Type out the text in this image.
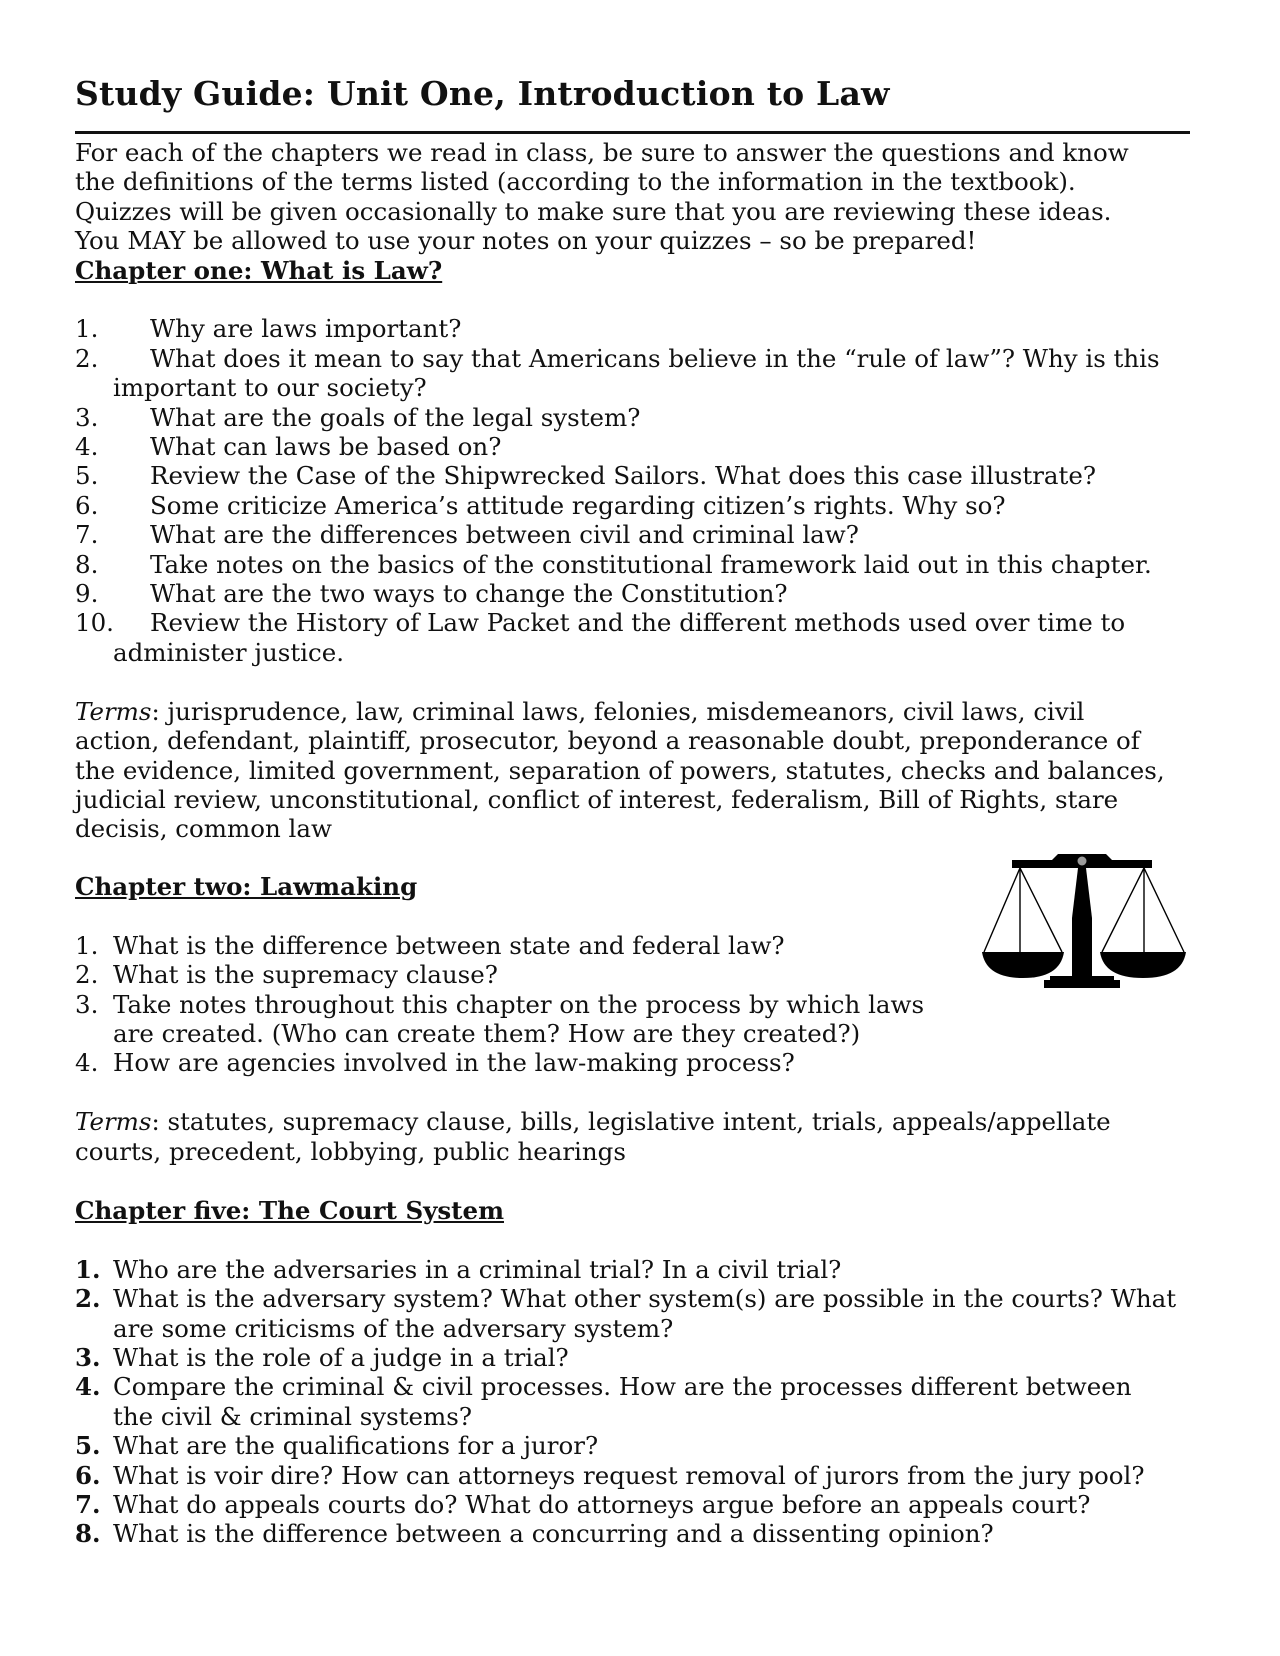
Study Guide: Unit One, Introduction to Law
For each of the chapters we read in class, be sure to answer the questions and know
the definitions of the terms listed (according to the information in the textbook).
Quizzes will be given occasionally to make sure that you are reviewing these ideas.
You MAY be allowed to use your notes on your quizzes – so be prepared!
Chapter one: What is Law?
1. Why are laws important?
2. What does it mean to say that Americans believe in the “rule of law”? Why is this
important to our society?
3. What are the goals of the legal system?
4. What can laws be based on?
5. Review the Case of the Shipwrecked Sailors. What does this case illustrate?
6. Some criticize America’s attitude regarding citizen’s rights. Why so?
7. What are the differences between civil and criminal law?
8. Take notes on the basics of the constitutional framework laid out in this chapter.
9. What are the two ways to change the Constitution?
10. Review the History of Law Packet and the different methods used over time to
administer justice.
Terms: jurisprudence, law, criminal laws, felonies, misdemeanors, civil laws, civil
action, defendant, plaintiff, prosecutor, beyond a reasonable doubt, preponderance of
the evidence, limited government, separation of powers, statutes, checks and balances,
judicial review, unconstitutional, conflict of interest, federalism, Bill of Rights, stare
decisis, common law
Chapter two: Lawmaking
1. What is the difference between state and federal law?
2. What is the supremacy clause?
3. Take notes throughout this chapter on the process by which laws
are created. (Who can create them? How are they created?)
4. How are agencies involved in the law-making process?
Terms: statutes, supremacy clause, bills, legislative intent, trials, appeals/appellate
courts, precedent, lobbying, public hearings
Chapter five: The Court System
1. Who are the adversaries in a criminal trial? In a civil trial?
2. What is the adversary system? What other system(s) are possible in the courts? What
are some criticisms of the adversary system?
3. What is the role of a judge in a trial?
4. Compare the criminal & civil processes. How are the processes different between
the civil & criminal systems?
5. What are the qualifications for a juror?
6. What is voir dire? How can attorneys request removal of jurors from the jury pool?
7. What do appeals courts do? What do attorneys argue before an appeals court?
8. What is the difference between a concurring and a dissenting opinion?
